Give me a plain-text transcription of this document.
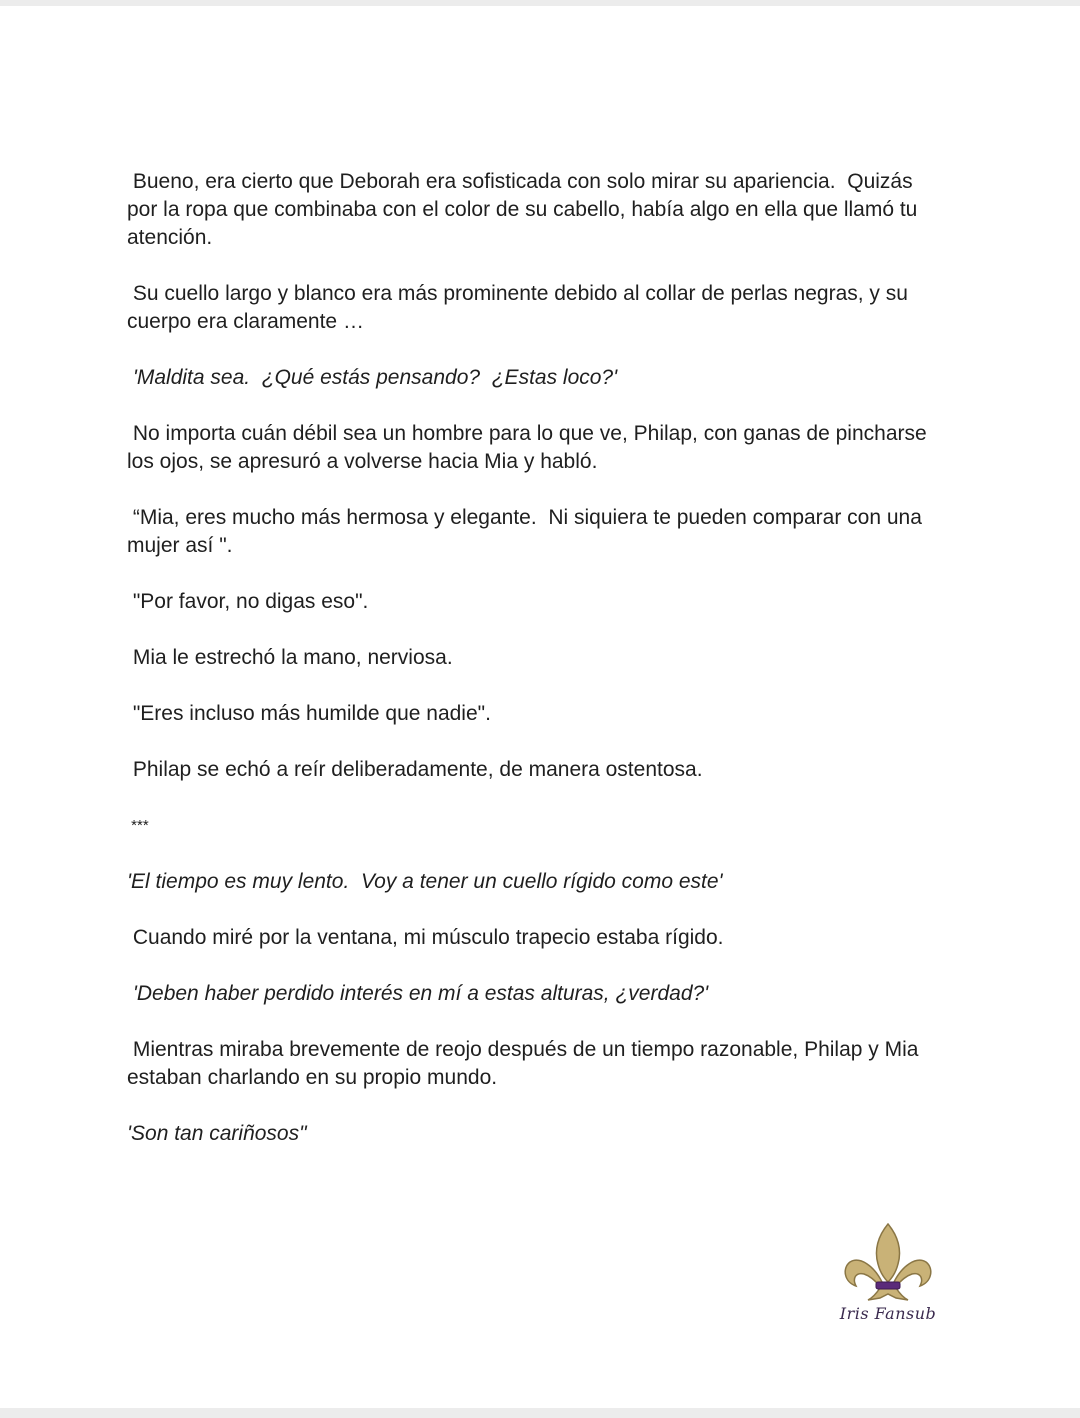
Bueno, era cierto que Deborah era sofisticada con solo mirar su apariencia.  Quizás por la ropa que combinaba con el color de su cabello, había algo en ella que llamó tu atención.

Su cuello largo y blanco era más prominente debido al collar de perlas negras, y su cuerpo era claramente …

'Maldita sea.  ¿Qué estás pensando?  ¿Estas loco?'

No importa cuán débil sea un hombre para lo que ve, Philap, con ganas de pincharse los ojos, se apresuró a volverse hacia Mia y habló.

“Mia, eres mucho más hermosa y elegante.  Ni siquiera te pueden comparar con una mujer así ".

"Por favor, no digas eso".

Mia le estrechó la mano, nerviosa.

"Eres incluso más humilde que nadie".

Philap se echó a reír deliberadamente, de manera ostentosa.

***

'El tiempo es muy lento.  Voy a tener un cuello rígido como este'

Cuando miré por la ventana, mi músculo trapecio estaba rígido.

'Deben haber perdido interés en mí a estas alturas, ¿verdad?'

Mientras miraba brevemente de reojo después de un tiempo razonable, Philap y Mia estaban charlando en su propio mundo.

'Son tan cariñosos"

Iris Fansub
